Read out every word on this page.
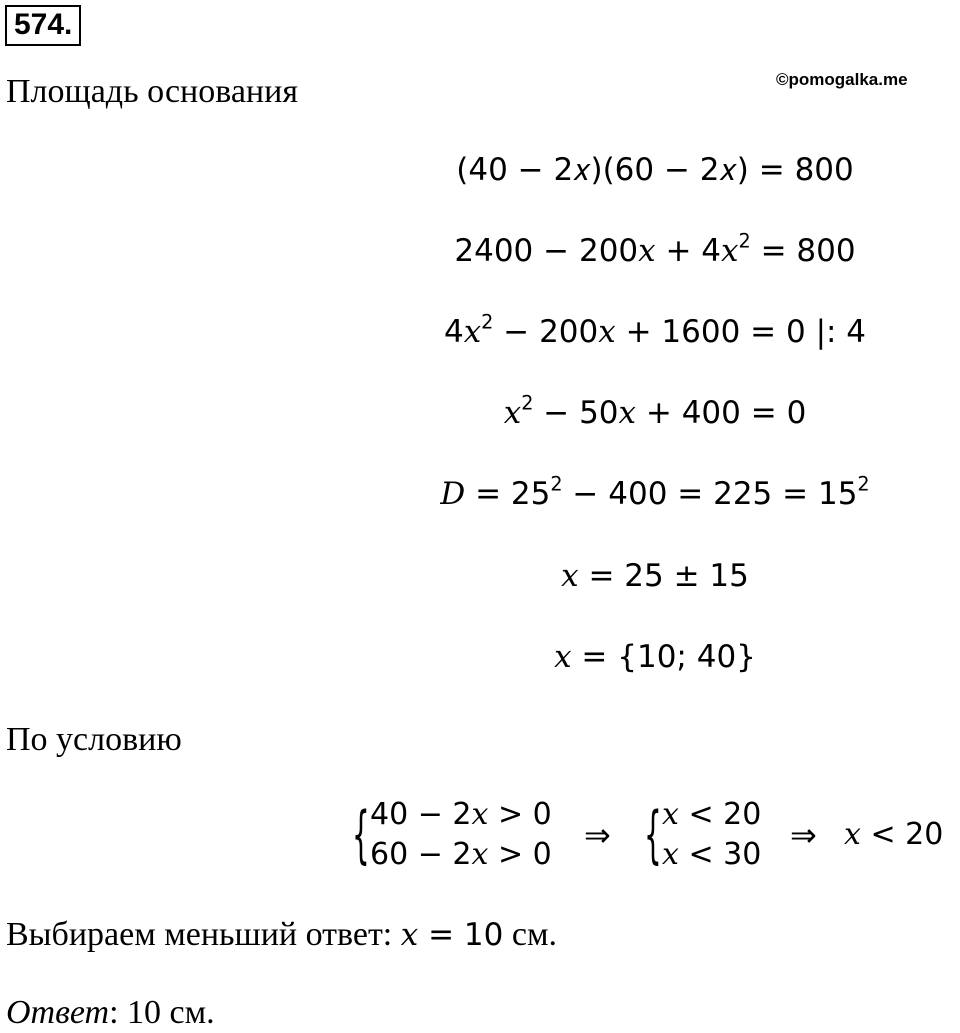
574.
©pomogalka.me
Площадь основания
(40 − 2𝑥)(60 − 2𝑥) = 800
$2400 - 200x + 4x^2 = 800$
$4x^2 - 200x + 1600 = 0$ |: 4
$x^2 - 50x + 400 = 0$
$D = 25^2 - 400 = 225 = 15^2$
x = 25 ± 15
x = {10; 40}
По условию
{ 40 − 2x > 0
60 − 2x > 0
⇒ { x < 20
x < 30
⇒ x < 20
Выбираем меньший ответ: x = 10 см.
Ответ: 10 см.
